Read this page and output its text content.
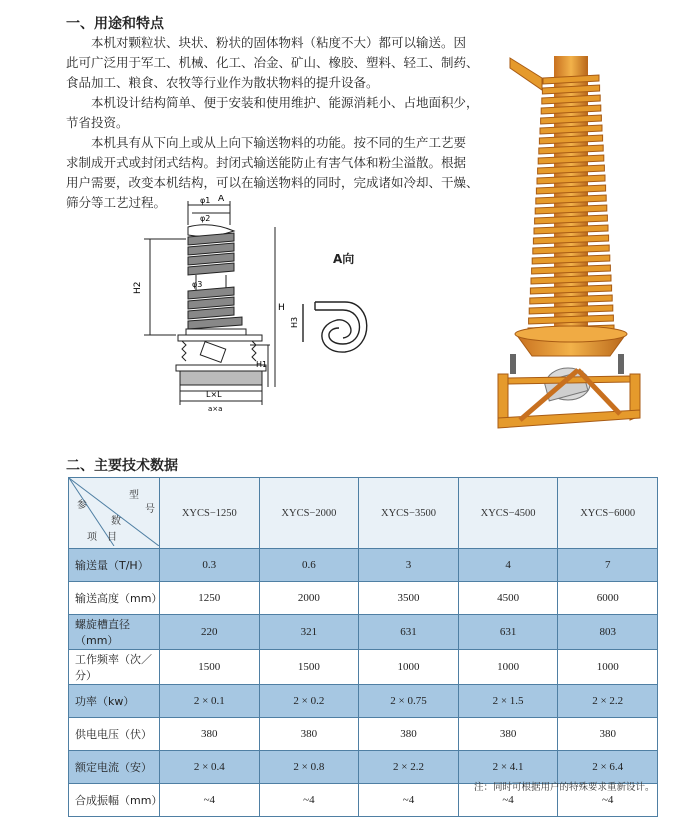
一、用途和特点

本机对颗粒状、块状、粉状的固体物料（粘度不大）都可以输送。因
此可广泛用于军工、机械、化工、冶金、矿山、橡胶、塑料、轻工、制药、
食品加工、粮食、农牧等行业作为散状物料的提升设备。

本机设计结构简单、便于安装和使用维护、能源消耗小、占地面积少，
节省投资。

本机具有从下向上或从上向下输送物料的功能。按不同的生产工艺要
求制成开式或封闭式结构。封闭式输送能防止有害气体和粉尘溢散。根据
用户需要，改变本机结构，可以在输送物料的同时，完成诸如冷却、干燥、
筛分等工艺过程。	φ1 A
φ2
φ3
H2
H
H1
L×L
a×a
A向
H3
二、主要技术数据
型
号
参
数
项　目	XYCS−1250	XYCS−2000	XYCS−3500	XYCS−4500	XYCS−6000
输送量（T/H）	0.3	0.6	3	4	7
输送高度（mm）	1250	2000	3500	4500	6000
螺旋槽直径（mm）	220	321	631	631	803
工作频率（次／分）	1500	1500	1000	1000	1000
功率（kw）	2 × 0.1	2 × 0.2	2 × 0.75	2 × 1.5	2 × 2.2
供电电压（伏）	380	380	380	380	380
额定电流（安）	2 × 0.4	2 × 0.8	2 × 2.2	2 × 4.1	2 × 6.4
合成振幅（mm）	~4	~4	~4	~4	~4
注：同时可根据用户的特殊要求重新设计。
